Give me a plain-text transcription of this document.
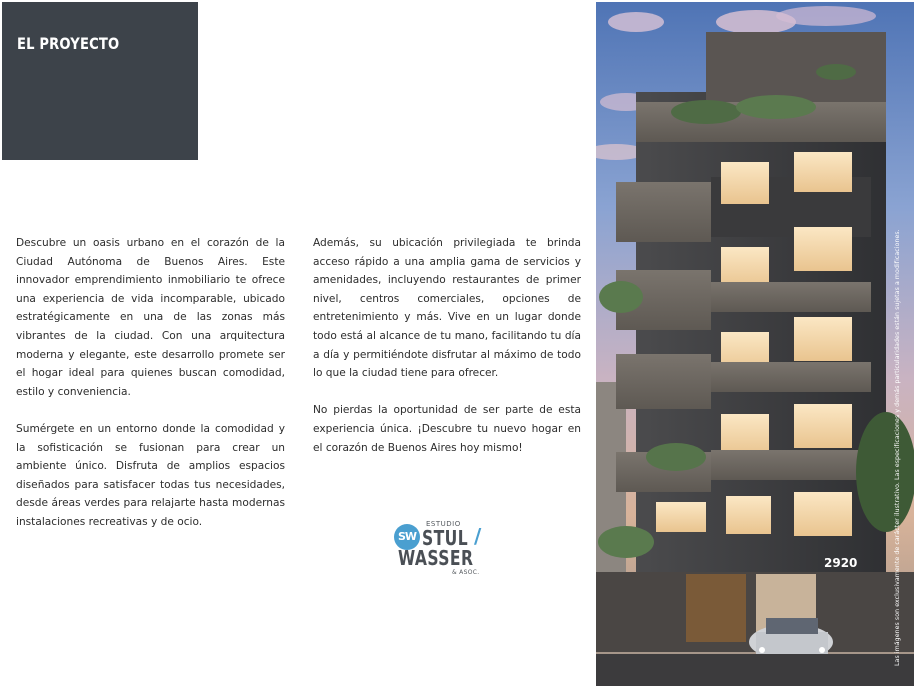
EL PROYECTO

Descubre un oasis urbano en el corazón de la Ciudad Autónoma de Buenos Aires. Este innovador emprendimiento inmobiliario te ofrece una experiencia de vida incomparable, ubicado estratégicamente en una de las zonas más vibrantes de la ciudad. Con una arquitectura moderna y elegante, este desarrollo promete ser el hogar ideal para quienes buscan comodidad, estilo y conveniencia.

Sumérgete en un entorno donde la comodidad y la sofisticación se fusionan para crear un ambiente único. Disfruta de amplios espacios diseñados para satisfacer todas tus necesidades, desde áreas verdes para relajarte hasta modernas instalaciones recreativas y de ocio.

Además, su ubicación privilegiada te brinda acceso rápido a una amplia gama de servicios y amenidades, incluyendo restaurantes de primer nivel, centros comerciales, opciones de entretenimiento y más. Vive en un lugar donde todo está al alcance de tu mano, facilitando tu día a día y permitiéndote disfrutar al máximo de todo lo que la ciudad tiene para ofrecer.

No pierdas la oportunidad de ser parte de esta experiencia única. ¡Descubre tu nuevo hogar en el corazón de Buenos Aires hoy mismo!

SW
ESTUDIO
STUL /
WASSER
& ASOC.
2920	Las imágenes son exclusivamente de carácter ilustrativo. Las especificaciones y demás particularidades están sujetas a modificaciones.
